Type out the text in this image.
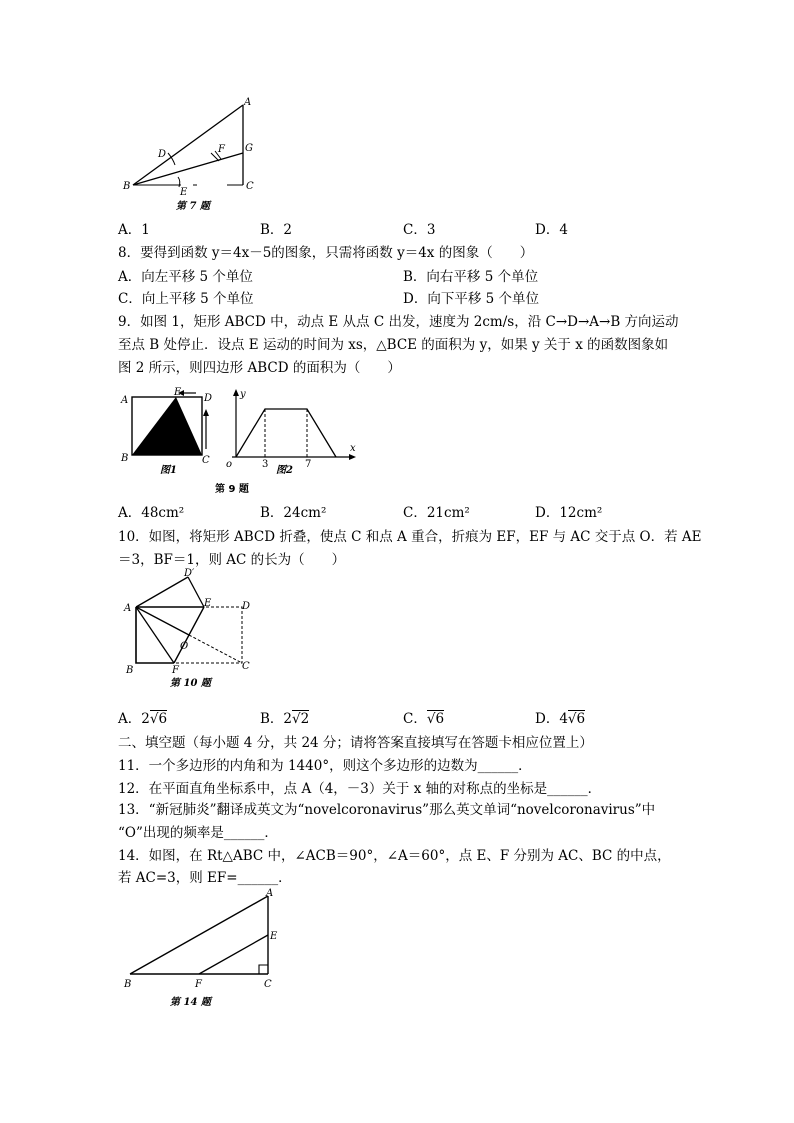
A
B	C
D
E
F G
第 7 题
A．1	B．2	C．3	D．4
8．要得到函数 y＝4x－5的图象，只需将函数 y＝4x 的图象（　　）
A．向左平移 5 个单位	B．向右平移 5 个单位
C．向上平移 5 个单位	D．向下平移 5 个单位
9．如图 1，矩形 ABCD 中，动点 E 从点 C 出发，速度为 2cm/s，沿 C→D→A→B 方向运动
至点 B 处停止．设点 E 运动的时间为 xs，△BCE 的面积为 y，如果 y 关于 x 的函数图象如
图 2 所示，则四边形 ABCD 的面积为（　　）
A
B	C
D
E
图1
y
x
o	3	7
图2
第 9 题
A．48cm²	B．24cm²	C．21cm²	D．12cm²
10．如图，将矩形 ABCD 折叠，使点 C 和点 A 重合，折痕为 EF，EF 与 AC 交于点 O．若 AE
＝3，BF＝1，则 AC 的长为（　　）
A
B	C
D
D′
E
F
O
第 10 题
A．2√6	B．2√2	C．√6	D．4√6
二、填空题（每小题 4 分，共 24 分；请将答案直接填写在答题卡相应位置上）
11．一个多边形的内角和为 1440°，则这个多边形的边数为______．
12．在平面直角坐标系中，点 A（4，－3）关于 x 轴的对称点的坐标是______．
13．“新冠肺炎”翻译成英文为“novelcoronavirus”那么英文单词“novelcoronavirus”中
“O”出现的频率是______．
14．如图，在 Rt△ABC 中，∠ACB＝90°，∠A＝60°，点 E、F 分别为 AC、BC 的中点，
若 AC=3，则 EF=______．
A
B	C
E
F
第 14 题
